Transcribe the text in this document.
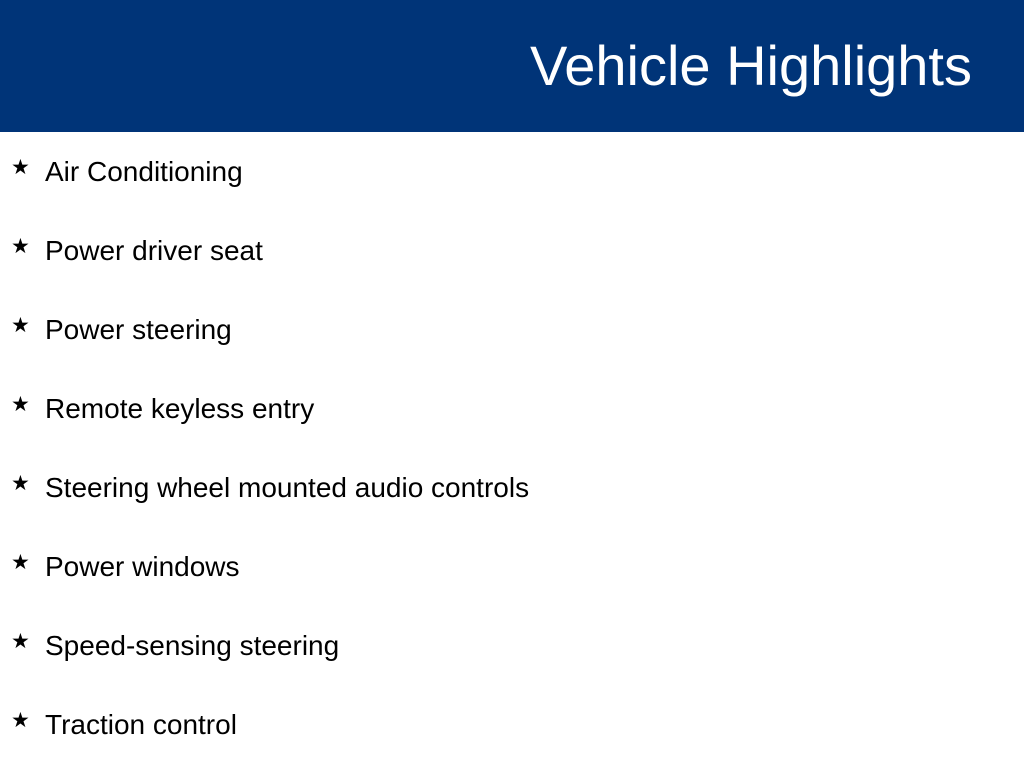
Vehicle Highlights
★ Air Conditioning
★ Power driver seat
★ Power steering
★ Remote keyless entry
★ Steering wheel mounted audio controls
★ Power windows
★ Speed-sensing steering
★ Traction control
